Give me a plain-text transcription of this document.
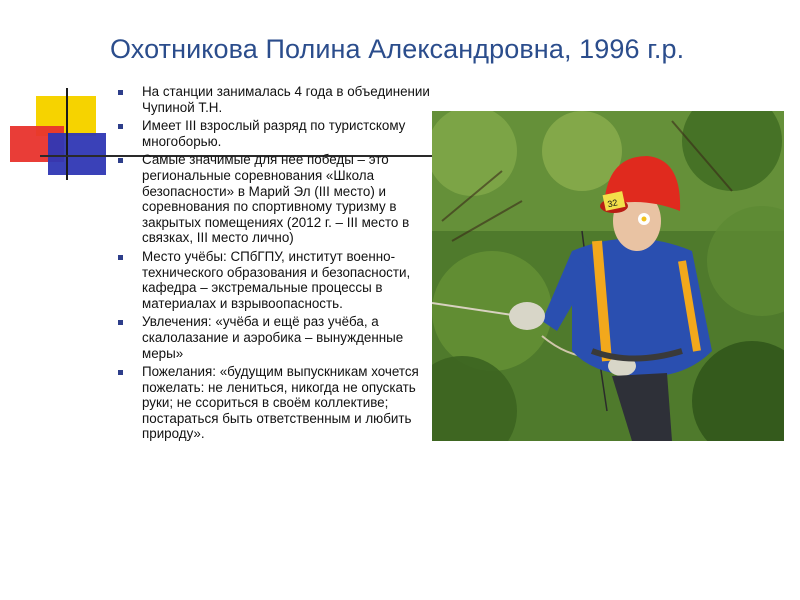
Охотникова Полина Александровна, 1996 г.р.
На станции занималась 4 года в объединении Чупиной Т.Н.
Имеет III взрослый разряд по туристскому многоборью.
Самые значимые для нее победы – это региональные соревнования «Школа безопасности» в Марий Эл (III место) и соревнования по спортивному туризму в закрытых помещениях (2012 г. – III место в связках, III место лично)
Место учёбы: СПбГПУ, институт военно-технического образования и безопасности, кафедра – экстремальные процессы в материалах и взрывоопасность.
Увлечения: «учёба и ещё раз учёба, а скалолазание и аэробика – вынужденные меры»
Пожелания: «будущим выпускникам хочется пожелать: не лениться, никогда не опускать руки; не ссориться в своём коллективе; постараться быть ответственным и любить природу».
32
